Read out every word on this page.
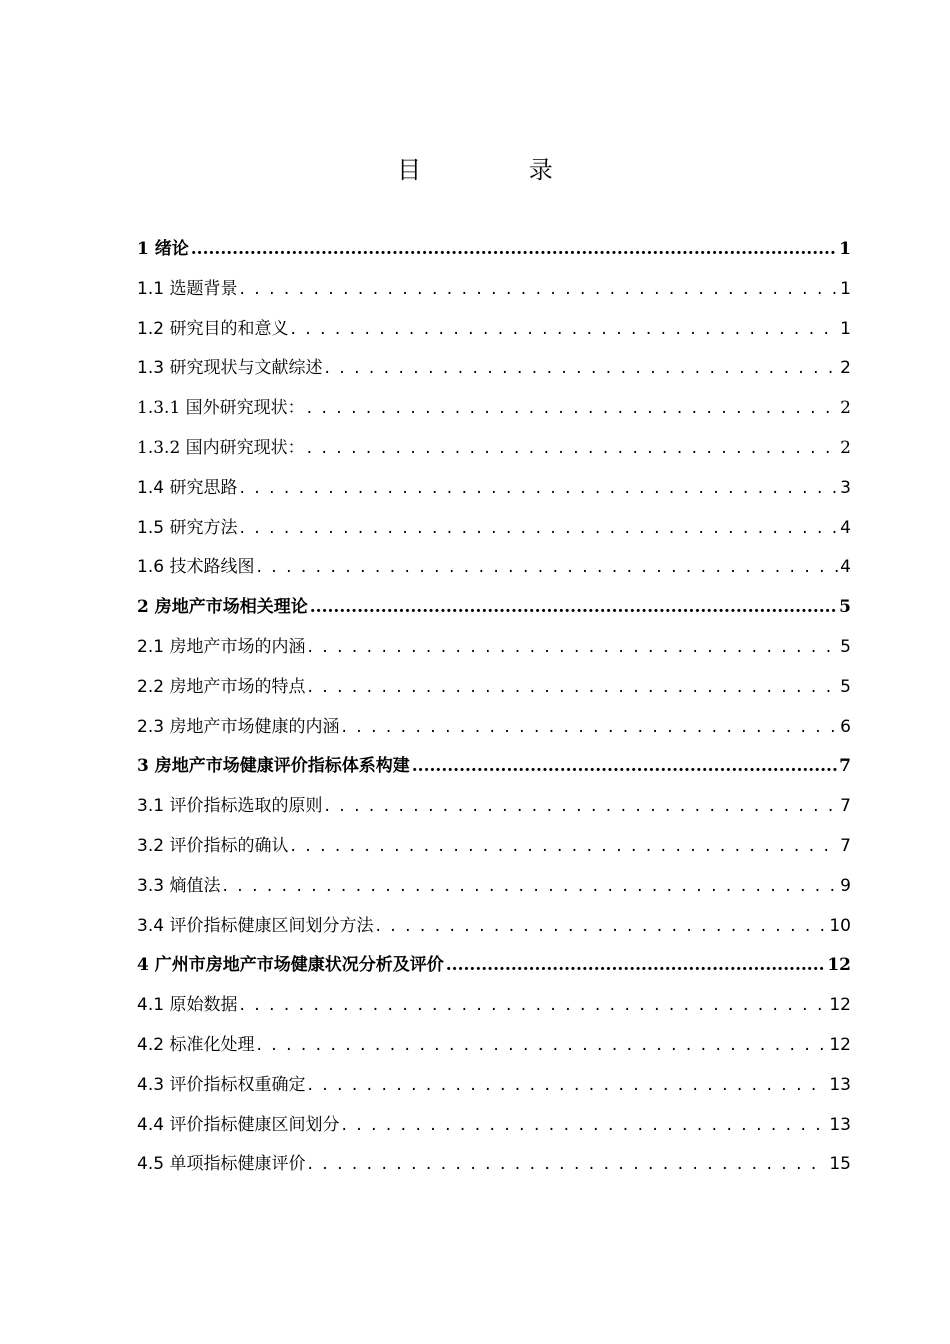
目 录
1 绪论 .....	1
1.1 选题背景 . . .	1
1.2 研究目的和意义 . . .	1
1.3 研究现状与文献综述 . . .	2
1.3.1 国外研究现状： . . .	2
1.3.2 国内研究现状： . . .	2
1.4 研究思路 . . .	3
1.5 研究方法 . . .	4
1.6 技术路线图 . . .	4
2 房地产市场相关理论 .....	5
2.1 房地产市场的内涵 . . .	5
2.2 房地产市场的特点 . . .	5
2.3 房地产市场健康的内涵 . . .	6
3 房地产市场健康评价指标体系构建 .....	7
3.1 评价指标选取的原则 . . .	7
3.2 评价指标的确认 . . .	7
3.3 熵值法 . . .	9
3.4 评价指标健康区间划分方法 . . .	10
4 广州市房地产市场健康状况分析及评价 .....	12
4.1 原始数据 . . .	12
4.2 标准化处理 . . .	12
4.3 评价指标权重确定 . . .	13
4.4 评价指标健康区间划分 . . .	13
4.5 单项指标健康评价 . . .	15
